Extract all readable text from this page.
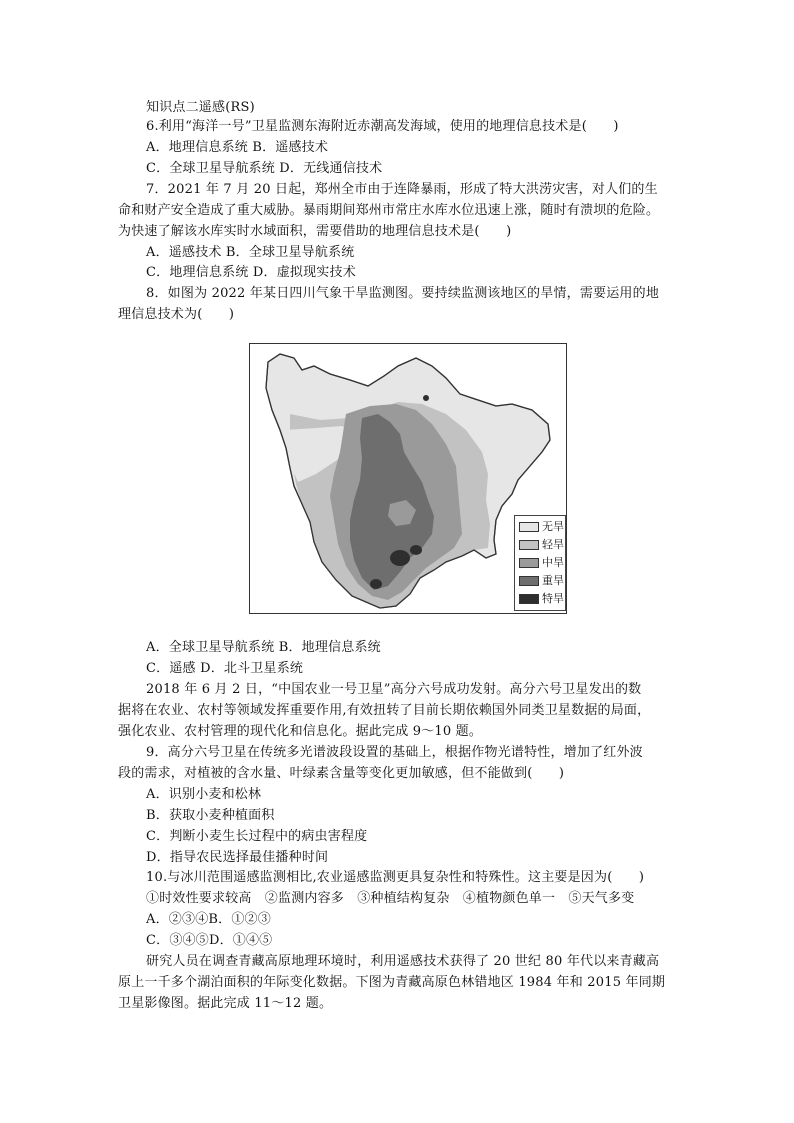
知识点二遥感(RS)
6.利用“海洋一号”卫星监测东海附近赤潮高发海域，使用的地理信息技术是(　　)
A．地理信息系统 B．遥感技术
C．全球卫星导航系统 D．无线通信技术
7．2021 年 7 月 20 日起，郑州全市由于连降暴雨，形成了特大洪涝灾害，对人们的生
命和财产安全造成了重大威胁。暴雨期间郑州市常庄水库水位迅速上涨，随时有溃坝的危险。
为快速了解该水库实时水域面积，需要借助的地理信息技术是(　　)
A．遥感技术 B．全球卫星导航系统
C．地理信息系统 D．虚拟现实技术
8．如图为 2022 年某日四川气象干旱监测图。要持续监测该地区的旱情，需要运用的地
理信息技术为(　　)
无旱
轻旱
中旱
重旱
特旱
A．全球卫星导航系统 B．地理信息系统
C．遥感 D．北斗卫星系统
2018 年 6 月 2 日，“中国农业一号卫星”高分六号成功发射。高分六号卫星发出的数
据将在农业、农村等领域发挥重要作用,有效扭转了目前长期依赖国外同类卫星数据的局面，
强化农业、农村管理的现代化和信息化。据此完成 9～10 题。
9．高分六号卫星在传统多光谱波段设置的基础上，根据作物光谱特性，增加了红外波
段的需求，对植被的含水量、叶绿素含量等变化更加敏感，但不能做到(　　)
A．识别小麦和松林
B．获取小麦种植面积
C．判断小麦生长过程中的病虫害程度
D．指导农民选择最佳播种时间
10.与冰川范围遥感监测相比,农业遥感监测更具复杂性和特殊性。这主要是因为(　　)
①时效性要求较高　②监测内容多　③种植结构复杂　④植物颜色单一　⑤天气多变
A．②③④B．①②③
C．③④⑤D．①④⑤
研究人员在调查青藏高原地理环境时，利用遥感技术获得了 20 世纪 80 年代以来青藏高
原上一千多个湖泊面积的年际变化数据。下图为青藏高原色林错地区 1984 年和 2015 年同期
卫星影像图。据此完成 11～12 题。
